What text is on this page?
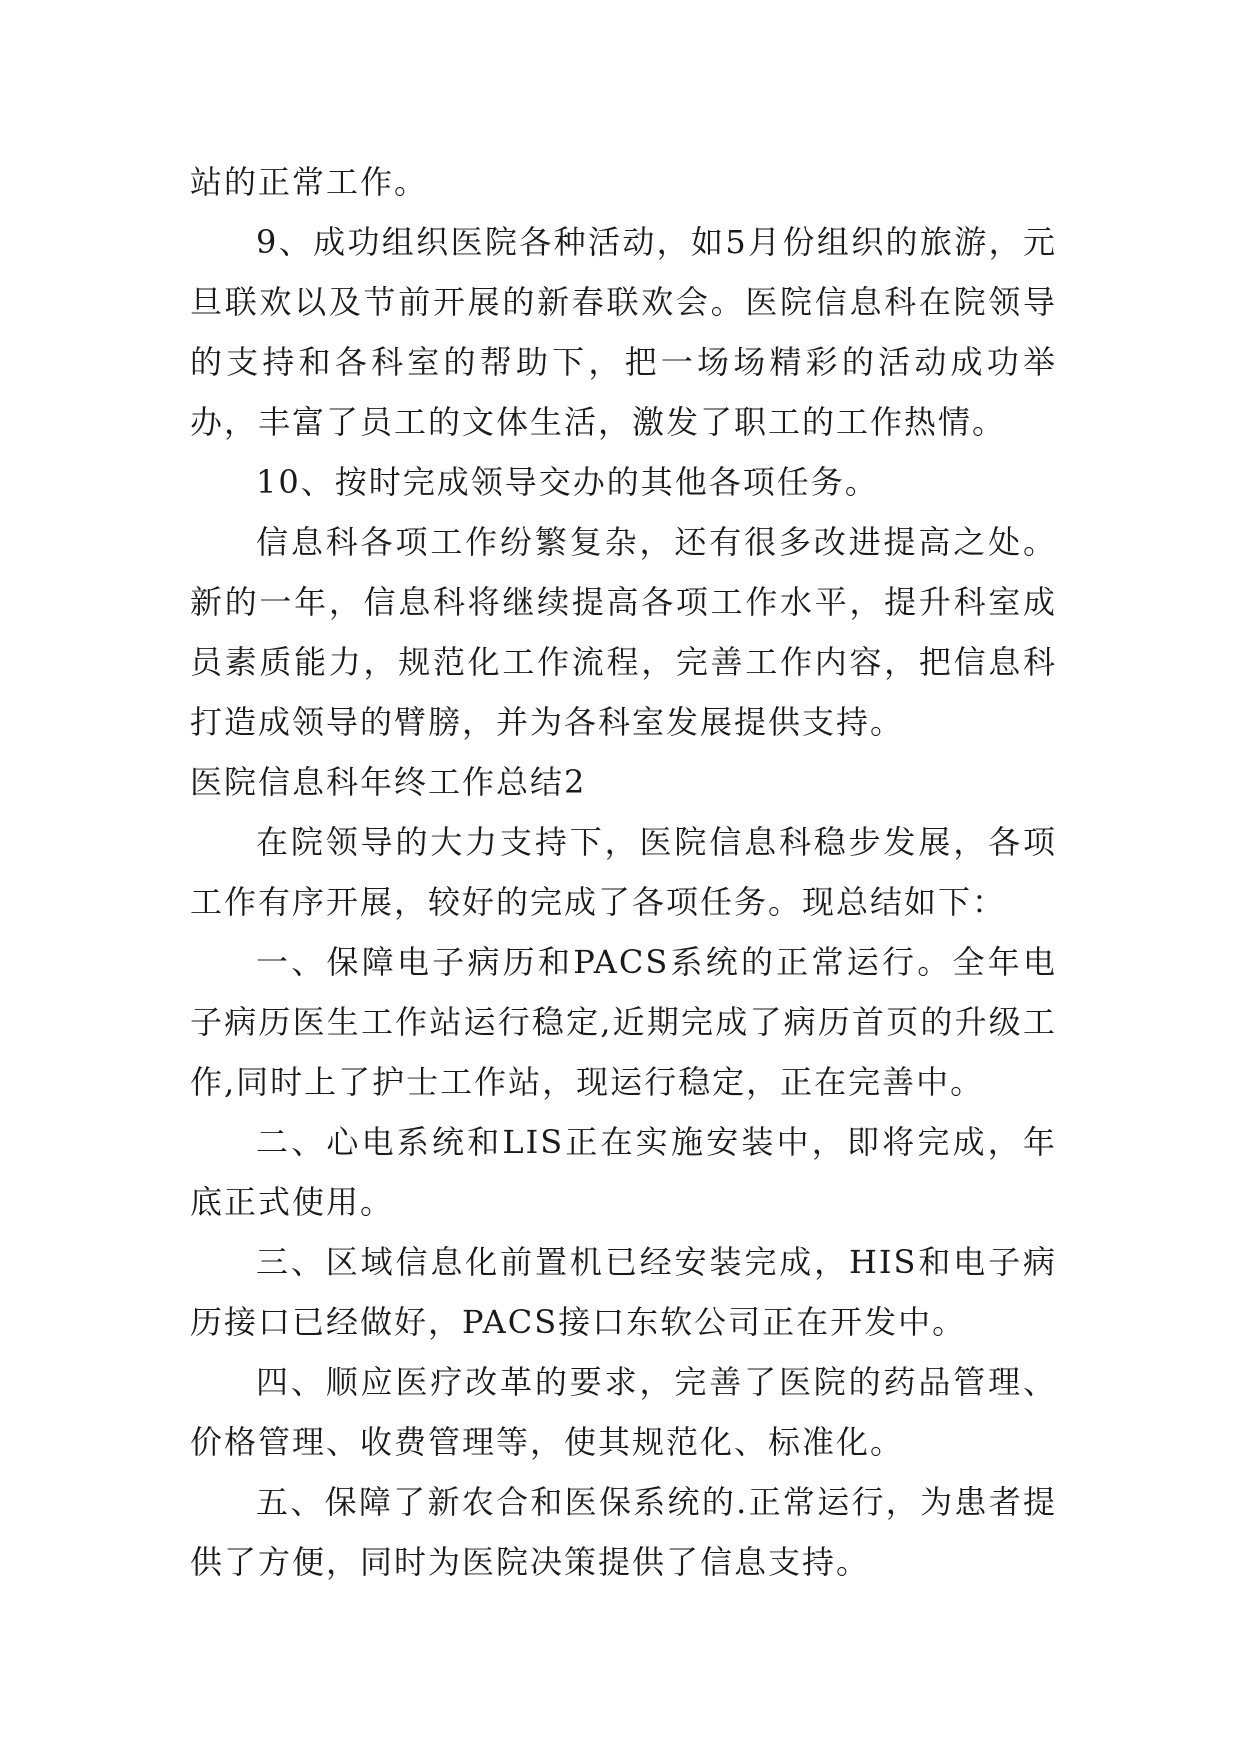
站的正常工作。

9、成功组织医院各种活动，如5月份组织的旅游，元旦联欢以及节前开展的新春联欢会。医院信息科在院领导的支持和各科室的帮助下，把一场场精彩的活动成功举办，丰富了员工的文体生活，激发了职工的工作热情。

10、按时完成领导交办的其他各项任务。

信息科各项工作纷繁复杂，还有很多改进提高之处。新的一年，信息科将继续提高各项工作水平，提升科室成员素质能力，规范化工作流程，完善工作内容，把信息科打造成领导的臂膀，并为各科室发展提供支持。

医院信息科年终工作总结2

在院领导的大力支持下，医院信息科稳步发展，各项工作有序开展，较好的完成了各项任务。现总结如下：

一、保障电子病历和PACS系统的正常运行。全年电子病历医生工作站运行稳定,近期完成了病历首页的升级工作,同时上了护士工作站，现运行稳定，正在完善中。

二、心电系统和LIS正在实施安装中，即将完成，年底正式使用。

三、区域信息化前置机已经安装完成，HIS和电子病历接口已经做好，PACS接口东软公司正在开发中。

四、顺应医疗改革的要求，完善了医院的药品管理、价格管理、收费管理等，使其规范化、标准化。

五、保障了新农合和医保系统的.正常运行，为患者提供了方便，同时为医院决策提供了信息支持。
